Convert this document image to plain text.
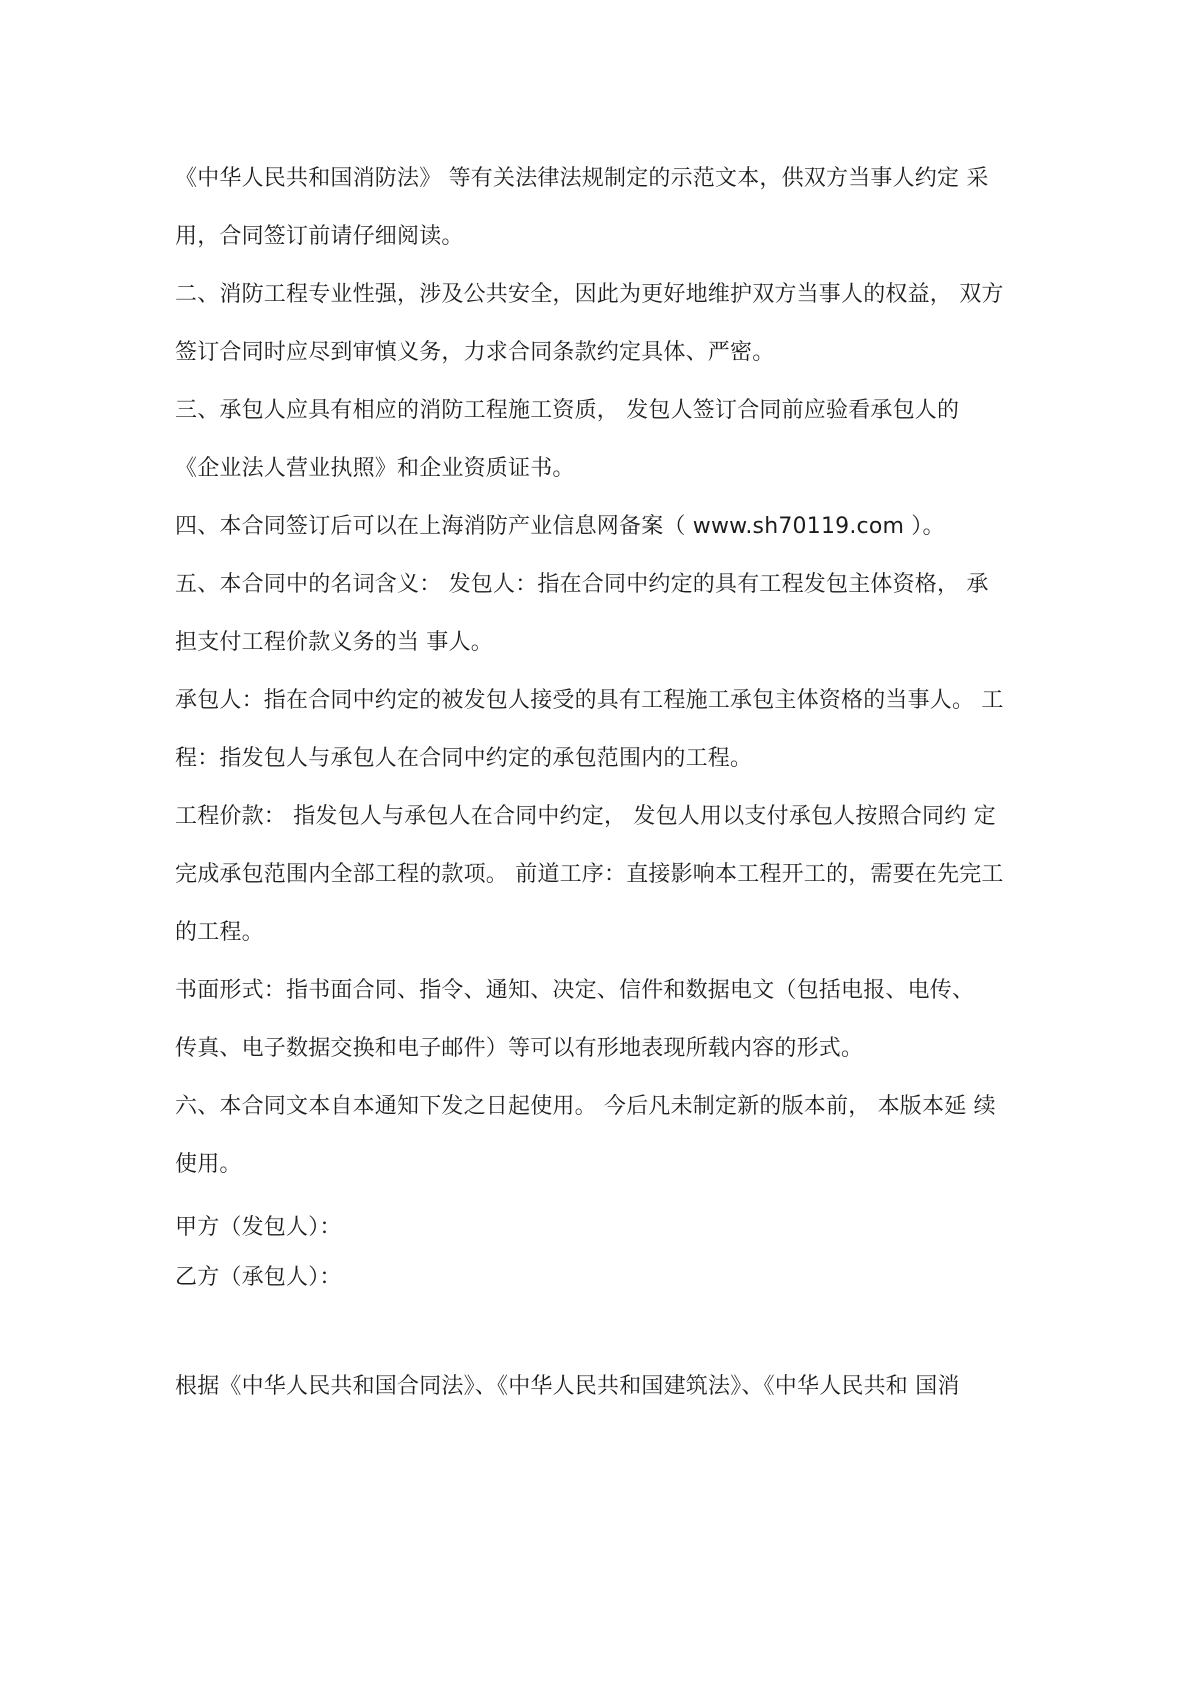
《中华人民共和国消防法》 等有关法律法规制定的示范文本，供双方当事人约定 采
用，合同签订前请仔细阅读。
二、消防工程专业性强，涉及公共安全，因此为更好地维护双方当事人的权益， 双方
签订合同时应尽到审慎义务，力求合同条款约定具体、严密。
三、承包人应具有相应的消防工程施工资质， 发包人签订合同前应验看承包人的
《企业法人营业执照》和企业资质证书。
四、本合同签订后可以在上海消防产业信息网备案（ www.sh70119.com ）。
五、本合同中的名词含义： 发包人：指在合同中约定的具有工程发包主体资格， 承
担支付工程价款义务的当 事人。
承包人：指在合同中约定的被发包人接受的具有工程施工承包主体资格的当事人。 工
程：指发包人与承包人在合同中约定的承包范围内的工程。
工程价款： 指发包人与承包人在合同中约定， 发包人用以支付承包人按照合同约 定
完成承包范围内全部工程的款项。 前道工序：直接影响本工程开工的，需要在先完工
的工程。
书面形式：指书面合同、指令、通知、决定、信件和数据电文（包括电报、电传、
传真、电子数据交换和电子邮件）等可以有形地表现所载内容的形式。
六、本合同文本自本通知下发之日起使用。 今后凡未制定新的版本前， 本版本延 续
使用。
甲方（发包人）：
乙方（承包人）：
根据《中华人民共和国合同法》、《中华人民共和国建筑法》、《中华人民共和 国消
